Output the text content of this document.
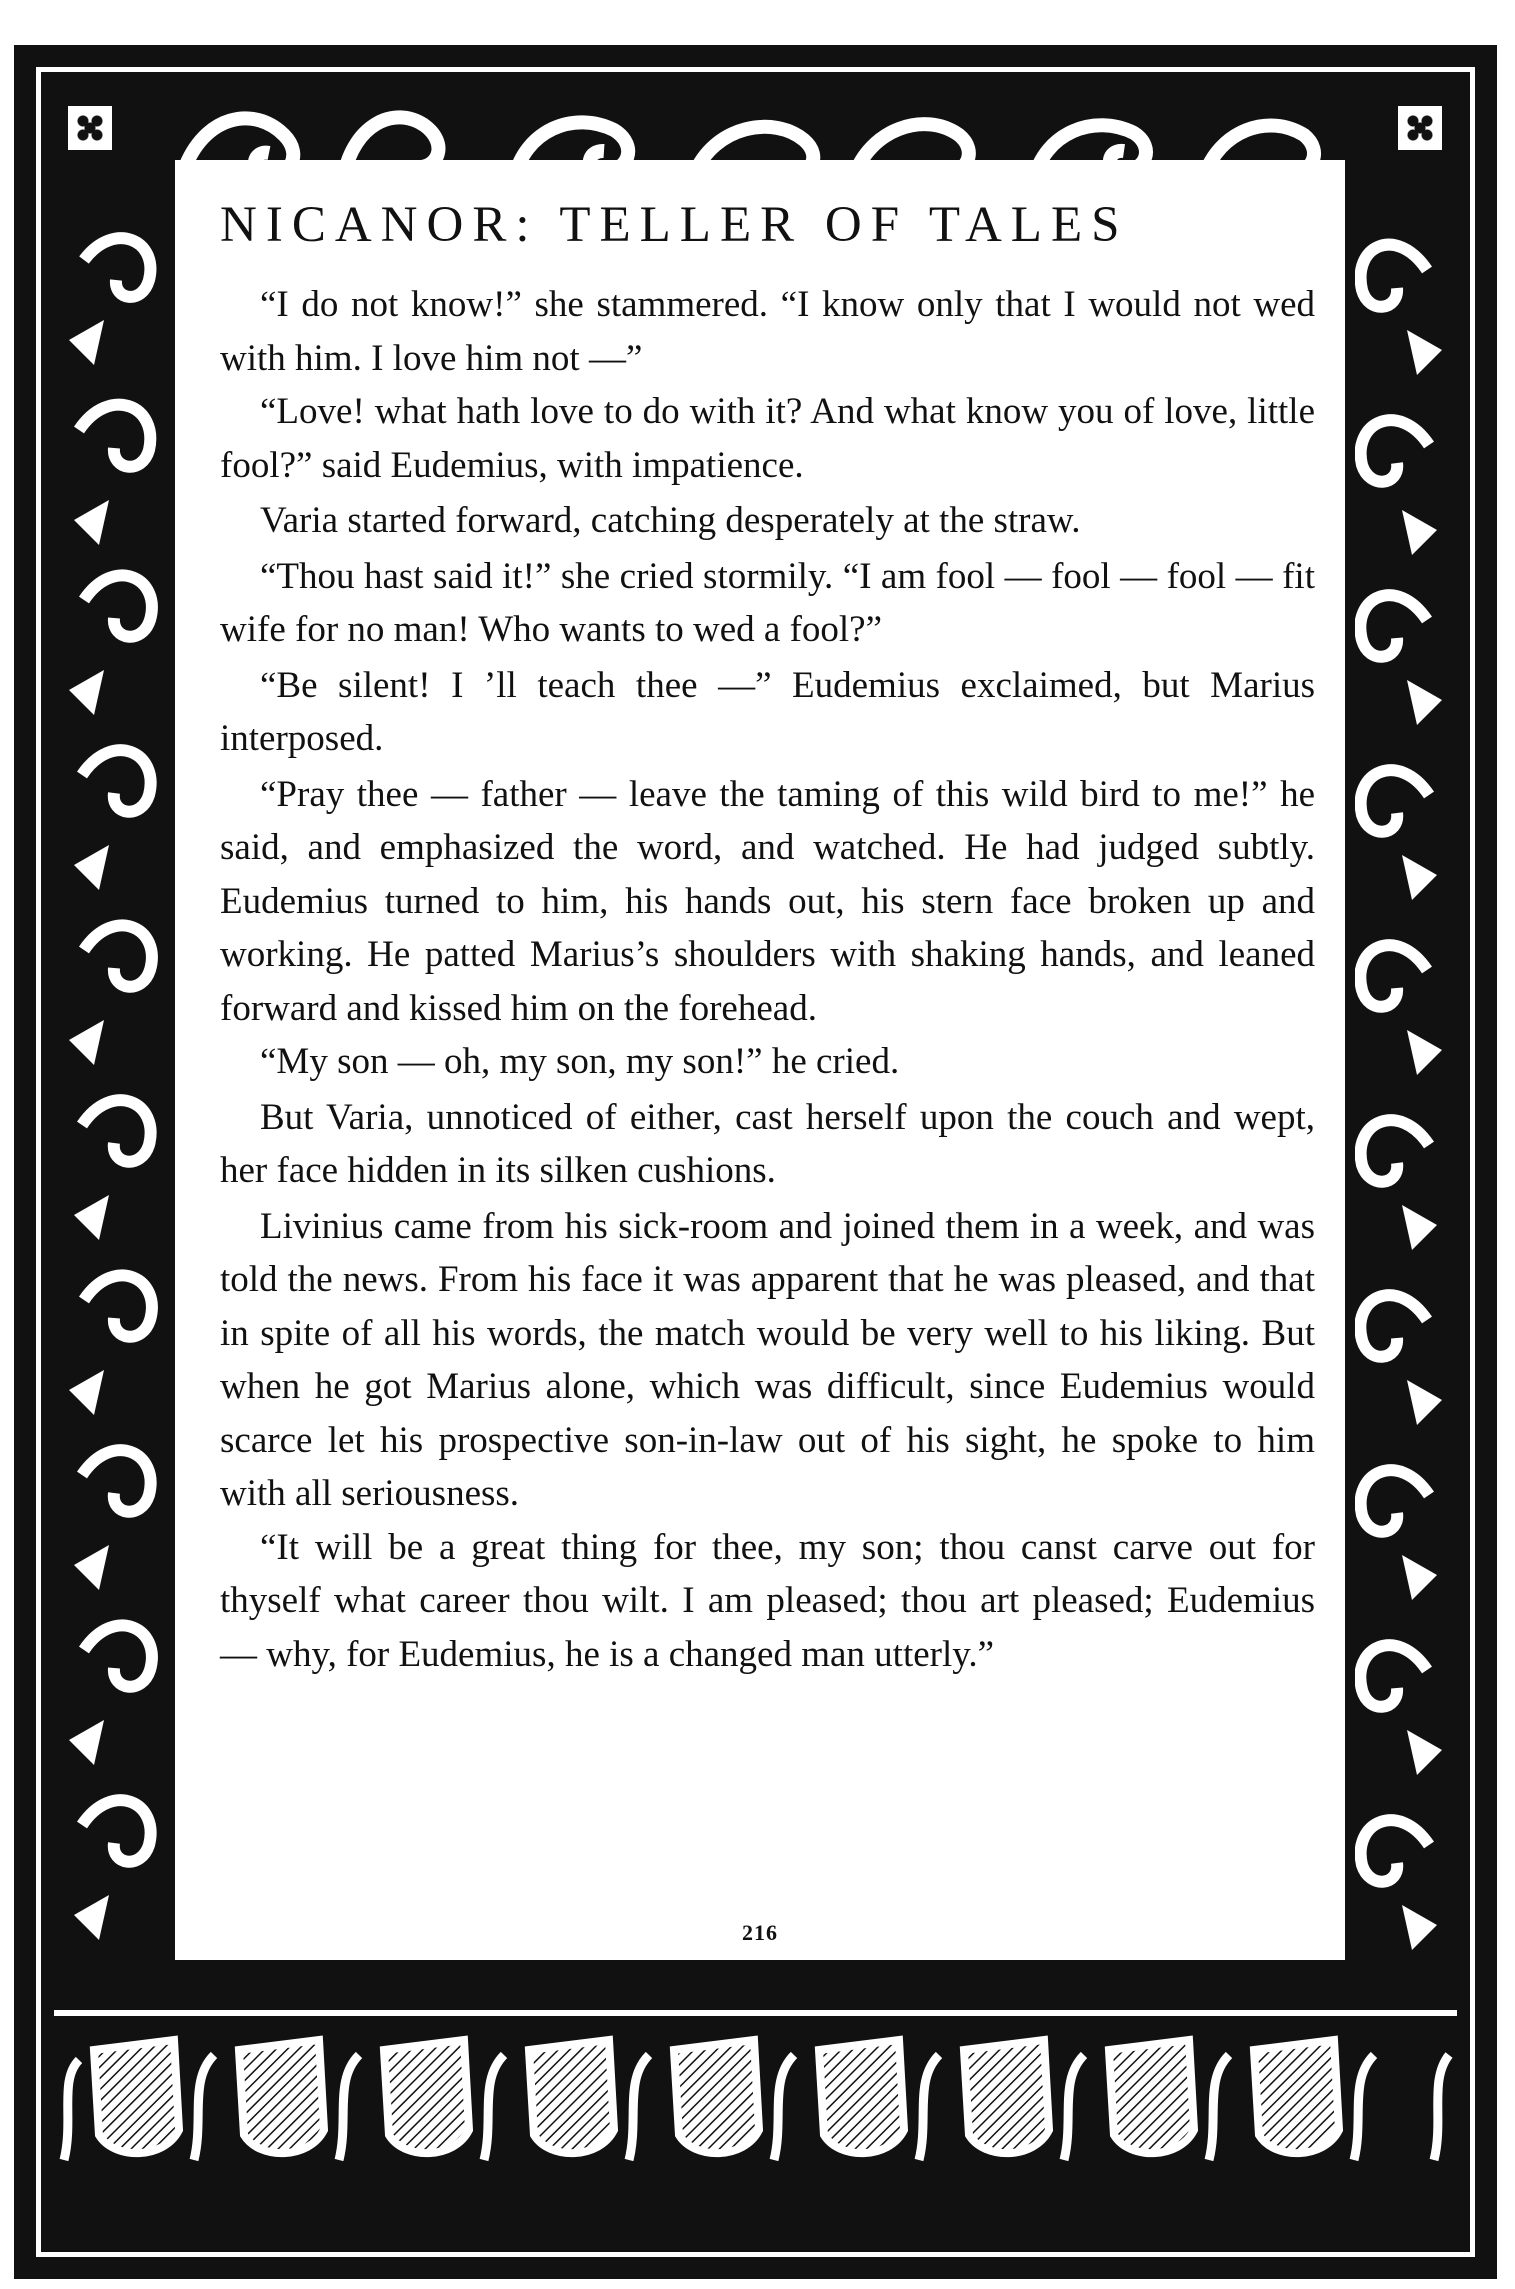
NICANOR: TELLER OF TALES

“I do not know!” she stammered. “I know only that I would not wed with him. I love him not —”

“Love! what hath love to do with it? And what know you of love, little fool?” said Eudemius, with impatience.

Varia started forward, catching desperately at the straw.

“Thou hast said it!” she cried stormily. “I am fool — fool — fool — fit wife for no man! Who wants to wed a fool?”

“Be silent! I ’ll teach thee —” Eudemius exclaimed, but Marius interposed.

“Pray thee — father — leave the taming of this wild bird to me!” he said, and emphasized the word, and watched. He had judged subtly. Eudemius turned to him, his hands out, his stern face broken up and working. He patted Marius’s shoulders with shaking hands, and leaned forward and kissed him on the forehead.

“My son — oh, my son, my son!” he cried.

But Varia, unnoticed of either, cast herself upon the couch and wept, her face hidden in its silken cushions.

Livinius came from his sick-room and joined them in a week, and was told the news. From his face it was apparent that he was pleased, and that in spite of all his words, the match would be very well to his liking. But when he got Marius alone, which was difficult, since Eudemius would scarce let his prospective son-in-law out of his sight, he spoke to him with all seriousness.

“It will be a great thing for thee, my son; thou canst carve out for thyself what career thou wilt. I am pleased; thou art pleased; Eudemius — why, for Eudemius, he is a changed man utterly.”

216
